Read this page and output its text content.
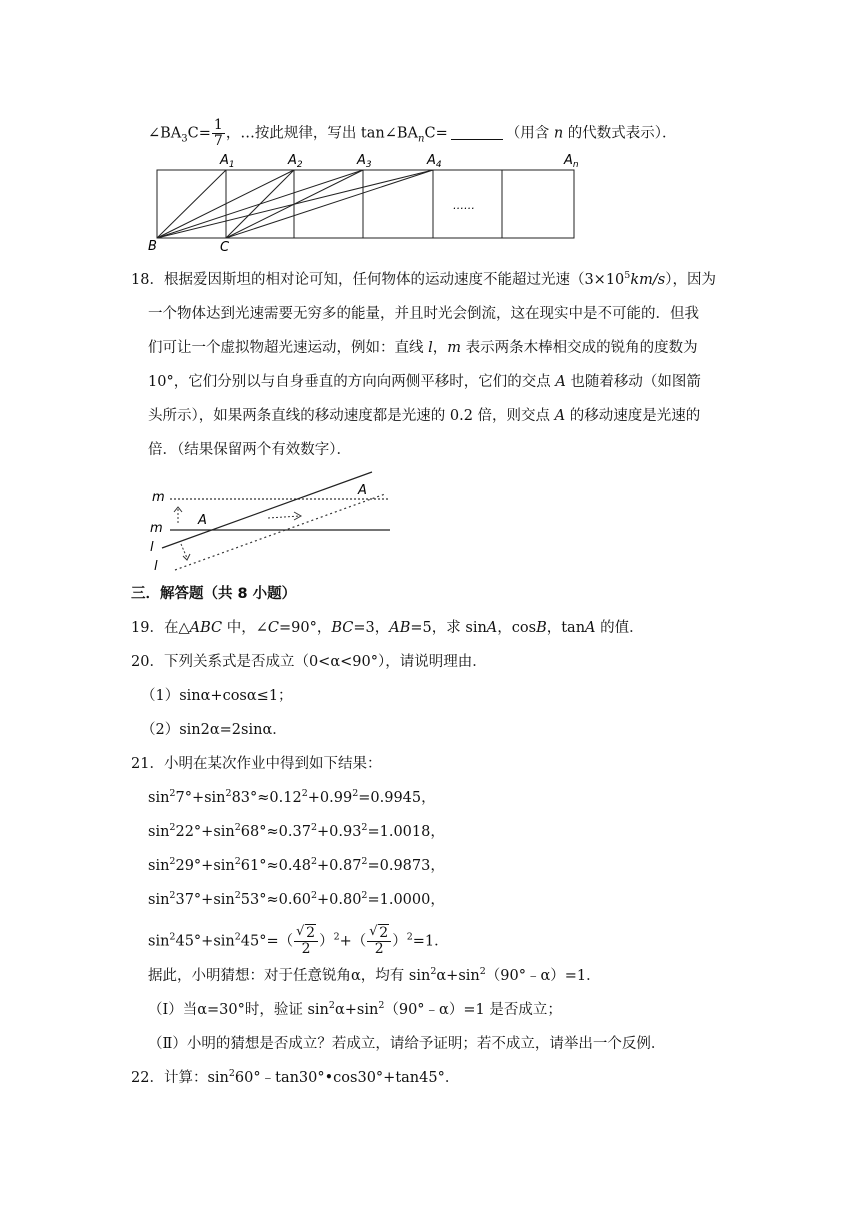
$\angle BA_3C= \frac{1}{7}$ ，…按此规律，写出 $\tan\angle BA_nC=$	（用含 n 的代数式表示）．
$A_1$	$A_2$	$A_3$	$A_4$	$A_n$
B	C
……
18．根据爱因斯坦的相对论可知，任何物体的运动速度不能超过光速$(3\times 10^5km/s)$，因为
一个物体达到光速需要无穷多的能量，并且时光会倒流，这在现实中是不可能的．但我
们可让一个虚拟物超光速运动，例如：直线 l，m 表示两条木棒相交成的锐角的度数为
10°，它们分别以与自身垂直的方向向两侧平移时，它们的交点 A 也随着移动（如图箭
头所示），如果两条直线的移动速度都是光速的 0.2 倍，则交点 A 的移动速度是光速的
倍．（结果保留两个有效数字）．
m
m
l
l
A
A
三．解答题（共 8 小题）
19．在△ABC 中，∠C=90°，BC=3，AB=5，求 sinA，cosB，tanA 的值．
20．下列关系式是否成立（0<α<90°），请说明理由．
（1）sinα+cosα≤1；
（2）sin2α=2sinα．
21．小明在某次作业中得到如下结果：
$\sin^27^\circ+\sin^283^\circ\approx 0.12^2+0.99^2=0.9945$，
$\sin^222^\circ+\sin^268^\circ\approx 0.37^2+0.93^2=1.0018$，
$\sin^229^\circ+\sin^261^\circ\approx 0.48^2+0.87^2=0.9873$，
$\sin^237^\circ+\sin^253^\circ\approx 0.60^2+0.80^2=1.0000$，
$\sin^245^\circ+\sin^245^\circ=( \frac{√ 2}{2} )^2+( \frac{√ 2}{2} )^2=1$．
据此，小明猜想：对于任意锐角α，均有 $\sin^2\alpha+\sin^2(90^\circ﹣\alpha)=1$．
（Ⅰ）当α=30°时，验证 $\sin^2\alpha+\sin^2(90^\circ﹣\alpha)=1$ 是否成立；
（Ⅱ）小明的猜想是否成立？若成立，请给予证明；若不成立，请举出一个反例．
22．计算：$\sin^260^\circ﹣\tan 30^\circ•\cos 30^\circ+\tan 45^\circ$．
